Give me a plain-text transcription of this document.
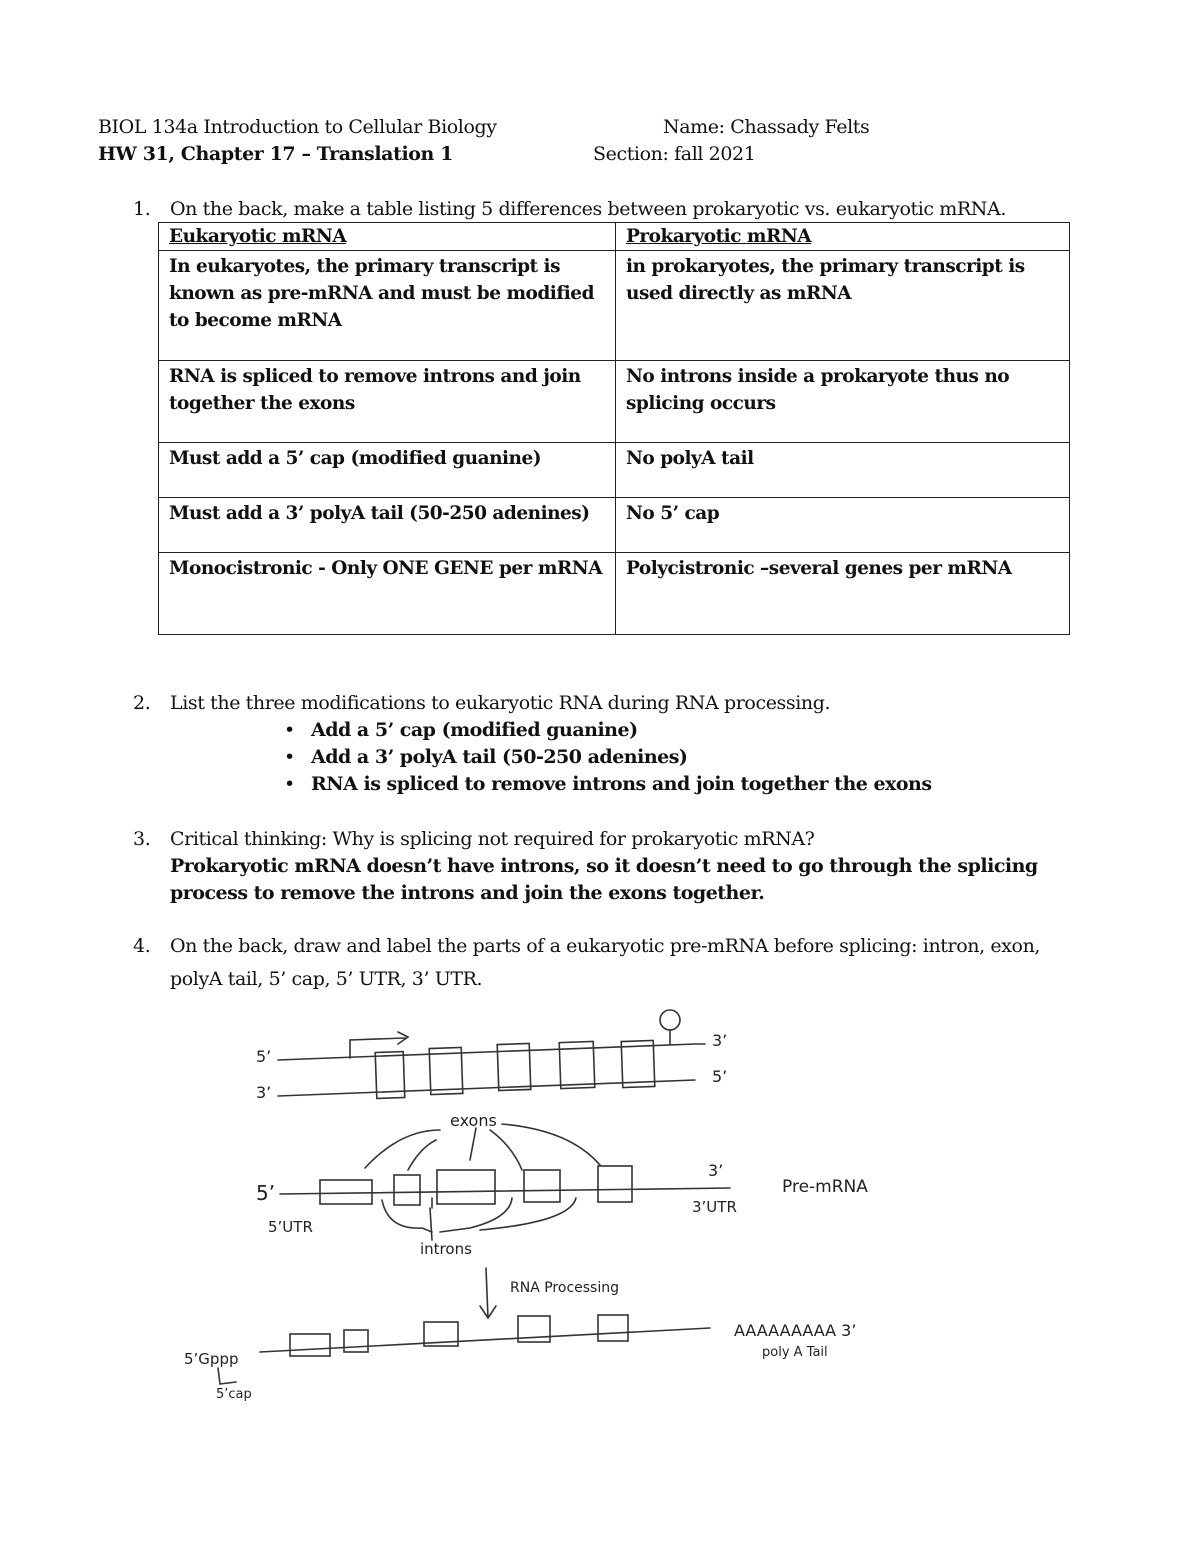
BIOL 134a Introduction to Cellular Biology	Name: Chassady Felts
HW 31, Chapter 17 – Translation 1	Section: fall 2021
1. On the back, make a table listing 5 differences between prokaryotic vs. eukaryotic mRNA.
Eukaryotic mRNA	Prokaryotic mRNA
In eukaryotes, the primary transcript is known as pre-mRNA and must be modified to become mRNA	in prokaryotes, the primary transcript is used directly as mRNA
RNA is spliced to remove introns and join together the exons	No introns inside a prokaryote thus no splicing occurs
Must add a 5’ cap (modified guanine)	No polyA tail
Must add a 3’ polyA tail (50-250 adenines)	No 5’ cap
Monocistronic - Only ONE GENE per mRNA	Polycistronic –several genes per mRNA
2. List the three modifications to eukaryotic RNA during RNA processing.
• Add a 5’ cap (modified guanine)
• Add a 3’ polyA tail (50-250 adenines)
• RNA is spliced to remove introns and join together the exons
3. Critical thinking: Why is splicing not required for prokaryotic mRNA?
Prokaryotic mRNA doesn’t have introns, so it doesn’t need to go through the splicing
process to remove the introns and join the exons together.
4. On the back, draw and label the parts of a eukaryotic pre-mRNA before splicing: intron, exon,
polyA tail, 5’ cap, 5’ UTR, 3’ UTR.
5’
3’
3’
5’
exons
5’
3’
5’UTR
3’UTR
Pre-mRNA
introns
RNA Processing
AAAAAAAAA 3’
poly A Tail
5’Gppp
5’cap
